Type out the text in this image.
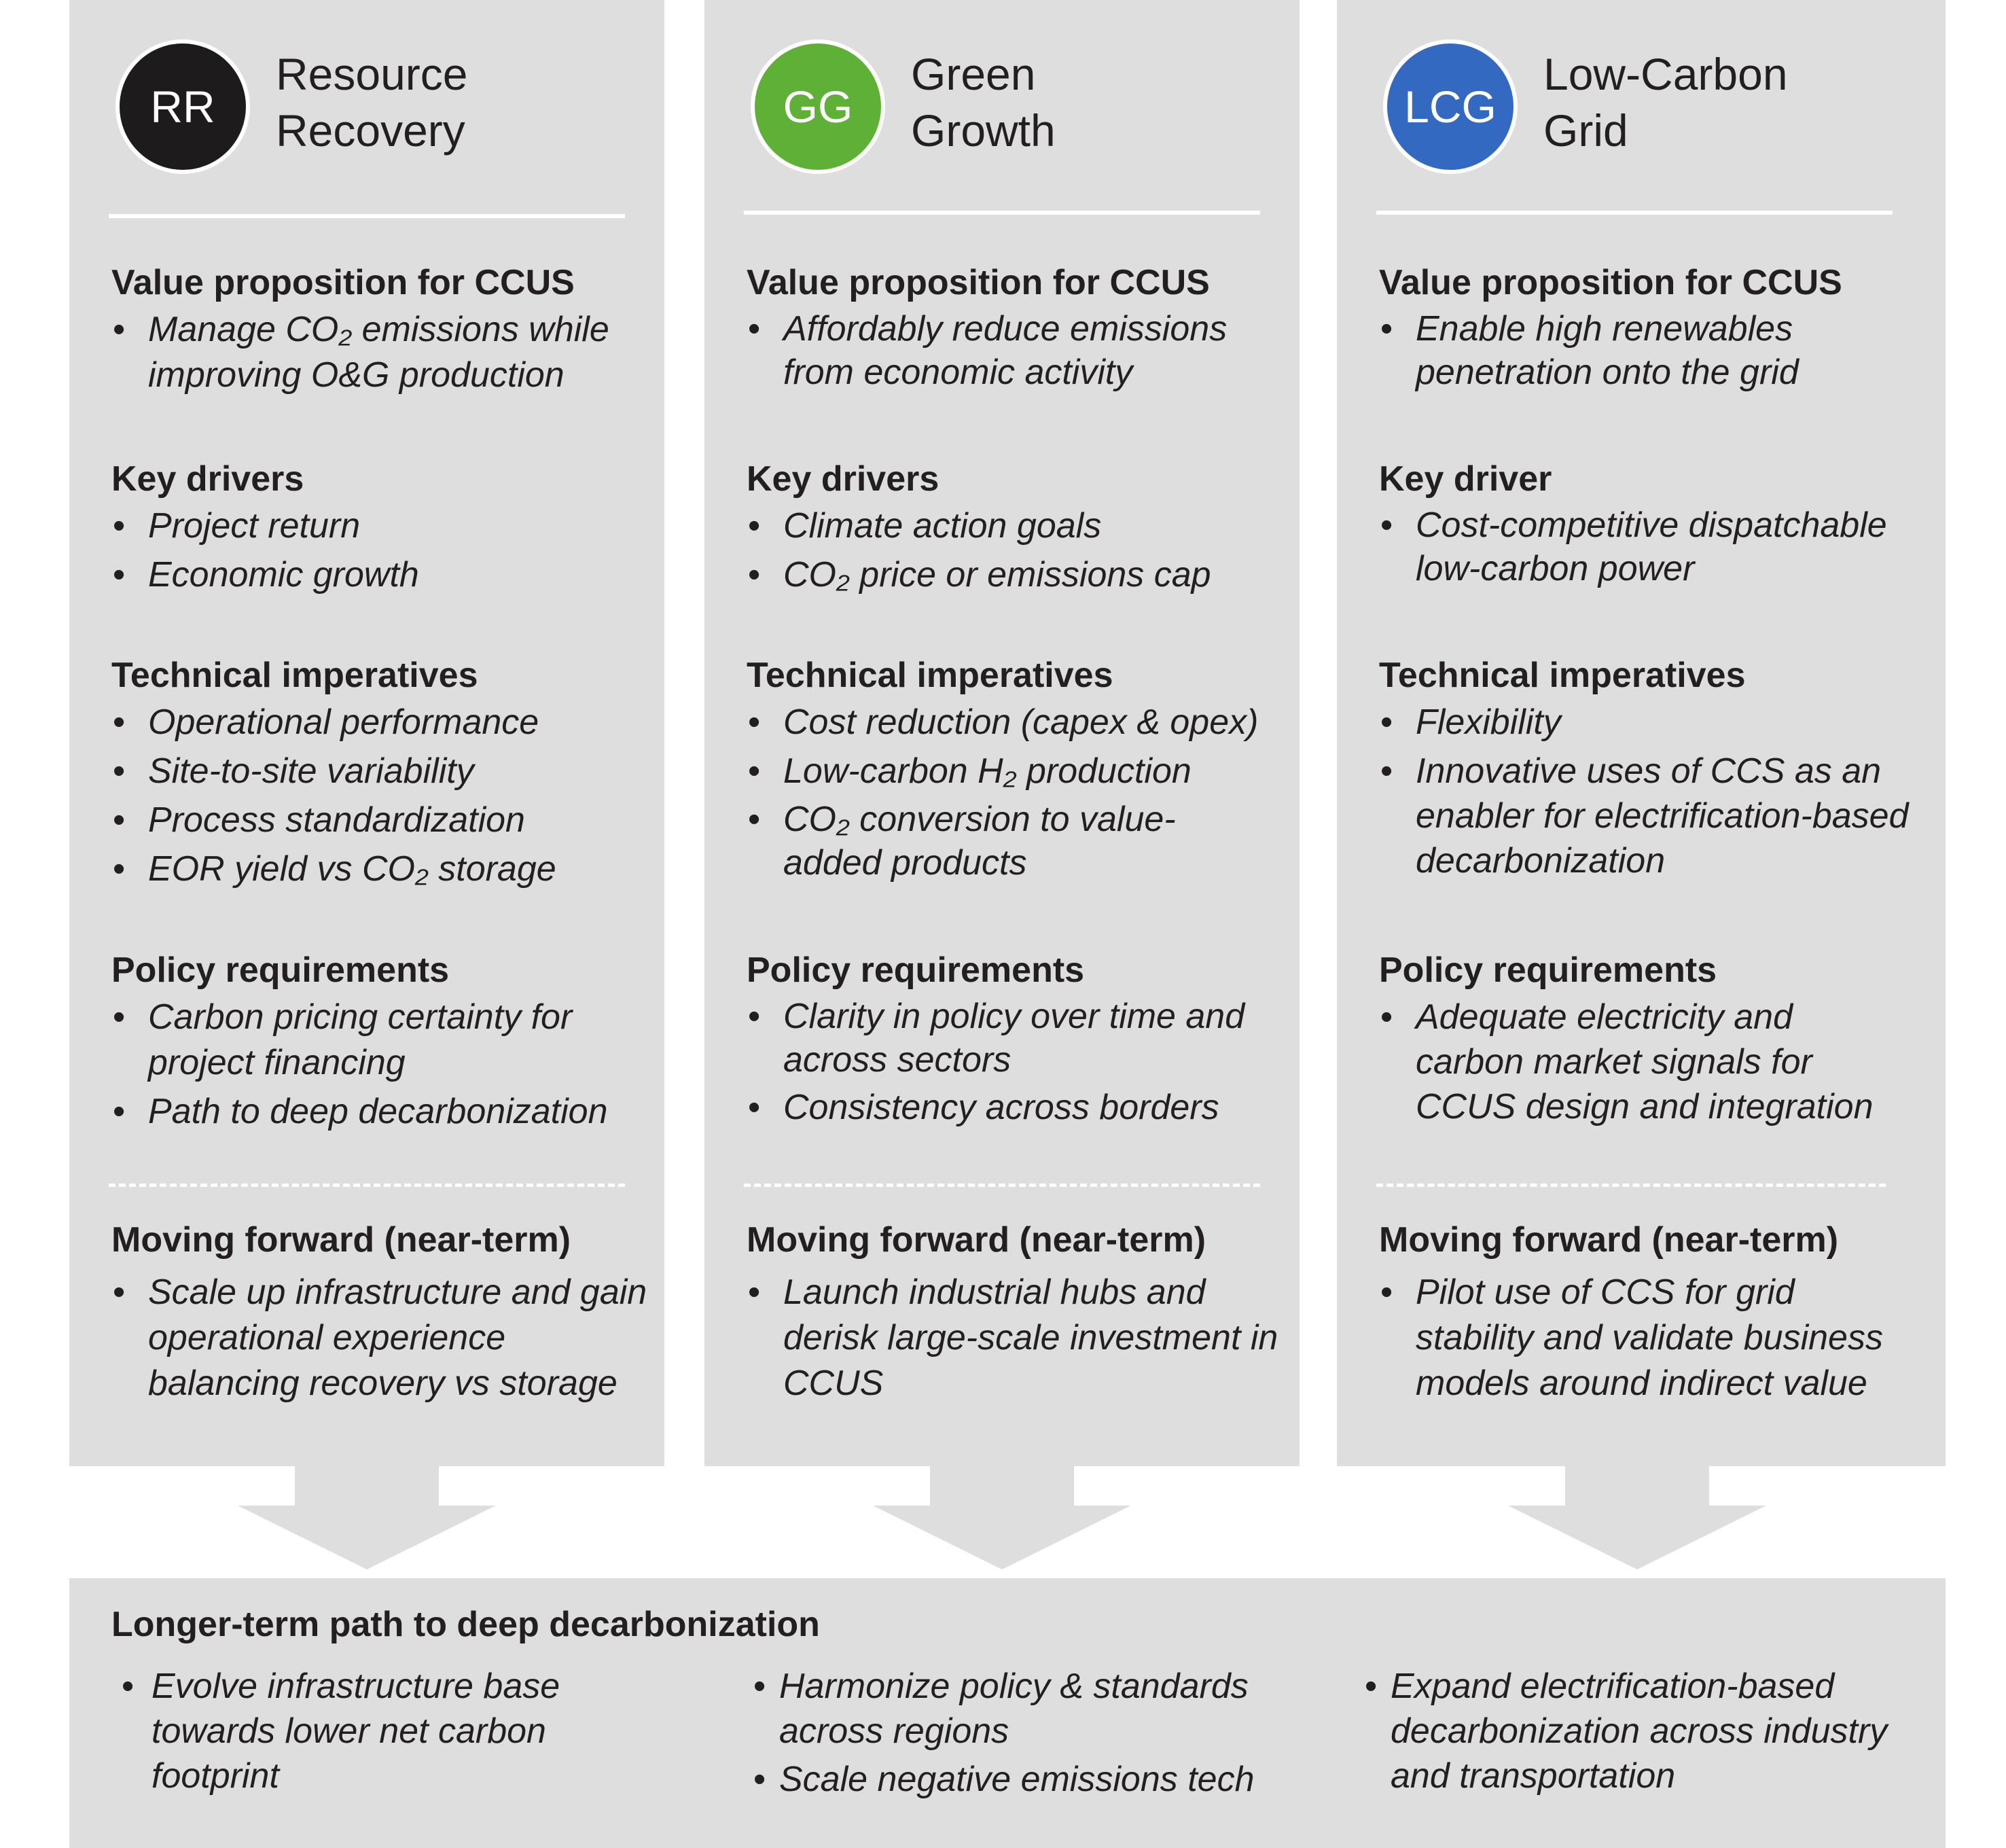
RR
Resource
Recovery
Value proposition for CCUS
• Manage CO₂ emissions while improving O&G production
Key drivers
• Project return
• Economic growth
Technical imperatives
• Operational performance
• Site-to-site variability
• Process standardization
• EOR yield vs CO₂ storage
Policy requirements
• Carbon pricing certainty for project financing
• Path to deep decarbonization
Moving forward (near-term)
• Scale up infrastructure and gain operational experience balancing recovery vs storage
GG
Green
Growth
Value proposition for CCUS
• Affordably reduce emissions from economic activity
Key drivers
• Climate action goals
• CO₂ price or emissions cap
Technical imperatives
• Cost reduction (capex & opex)
• Low-carbon H₂ production
• CO₂ conversion to value-added products
Policy requirements
• Clarity in policy over time and across sectors
• Consistency across borders
Moving forward (near-term)
• Launch industrial hubs and derisk large-scale investment in CCUS
LCG
Low-Carbon
Grid
Value proposition for CCUS
• Enable high renewables penetration onto the grid
Key driver
• Cost-competitive dispatchable low-carbon power
Technical imperatives
• Flexibility
• Innovative uses of CCS as an enabler for electrification-based decarbonization
Policy requirements
• Adequate electricity and carbon market signals for CCUS design and integration
Moving forward (near-term)
• Pilot use of CCS for grid stability and validate business models around indirect value
Longer-term path to deep decarbonization
• Evolve infrastructure base towards lower net carbon footprint
• Harmonize policy & standards across regions
• Scale negative emissions tech
• Expand electrification-based decarbonization across industry and transportation
